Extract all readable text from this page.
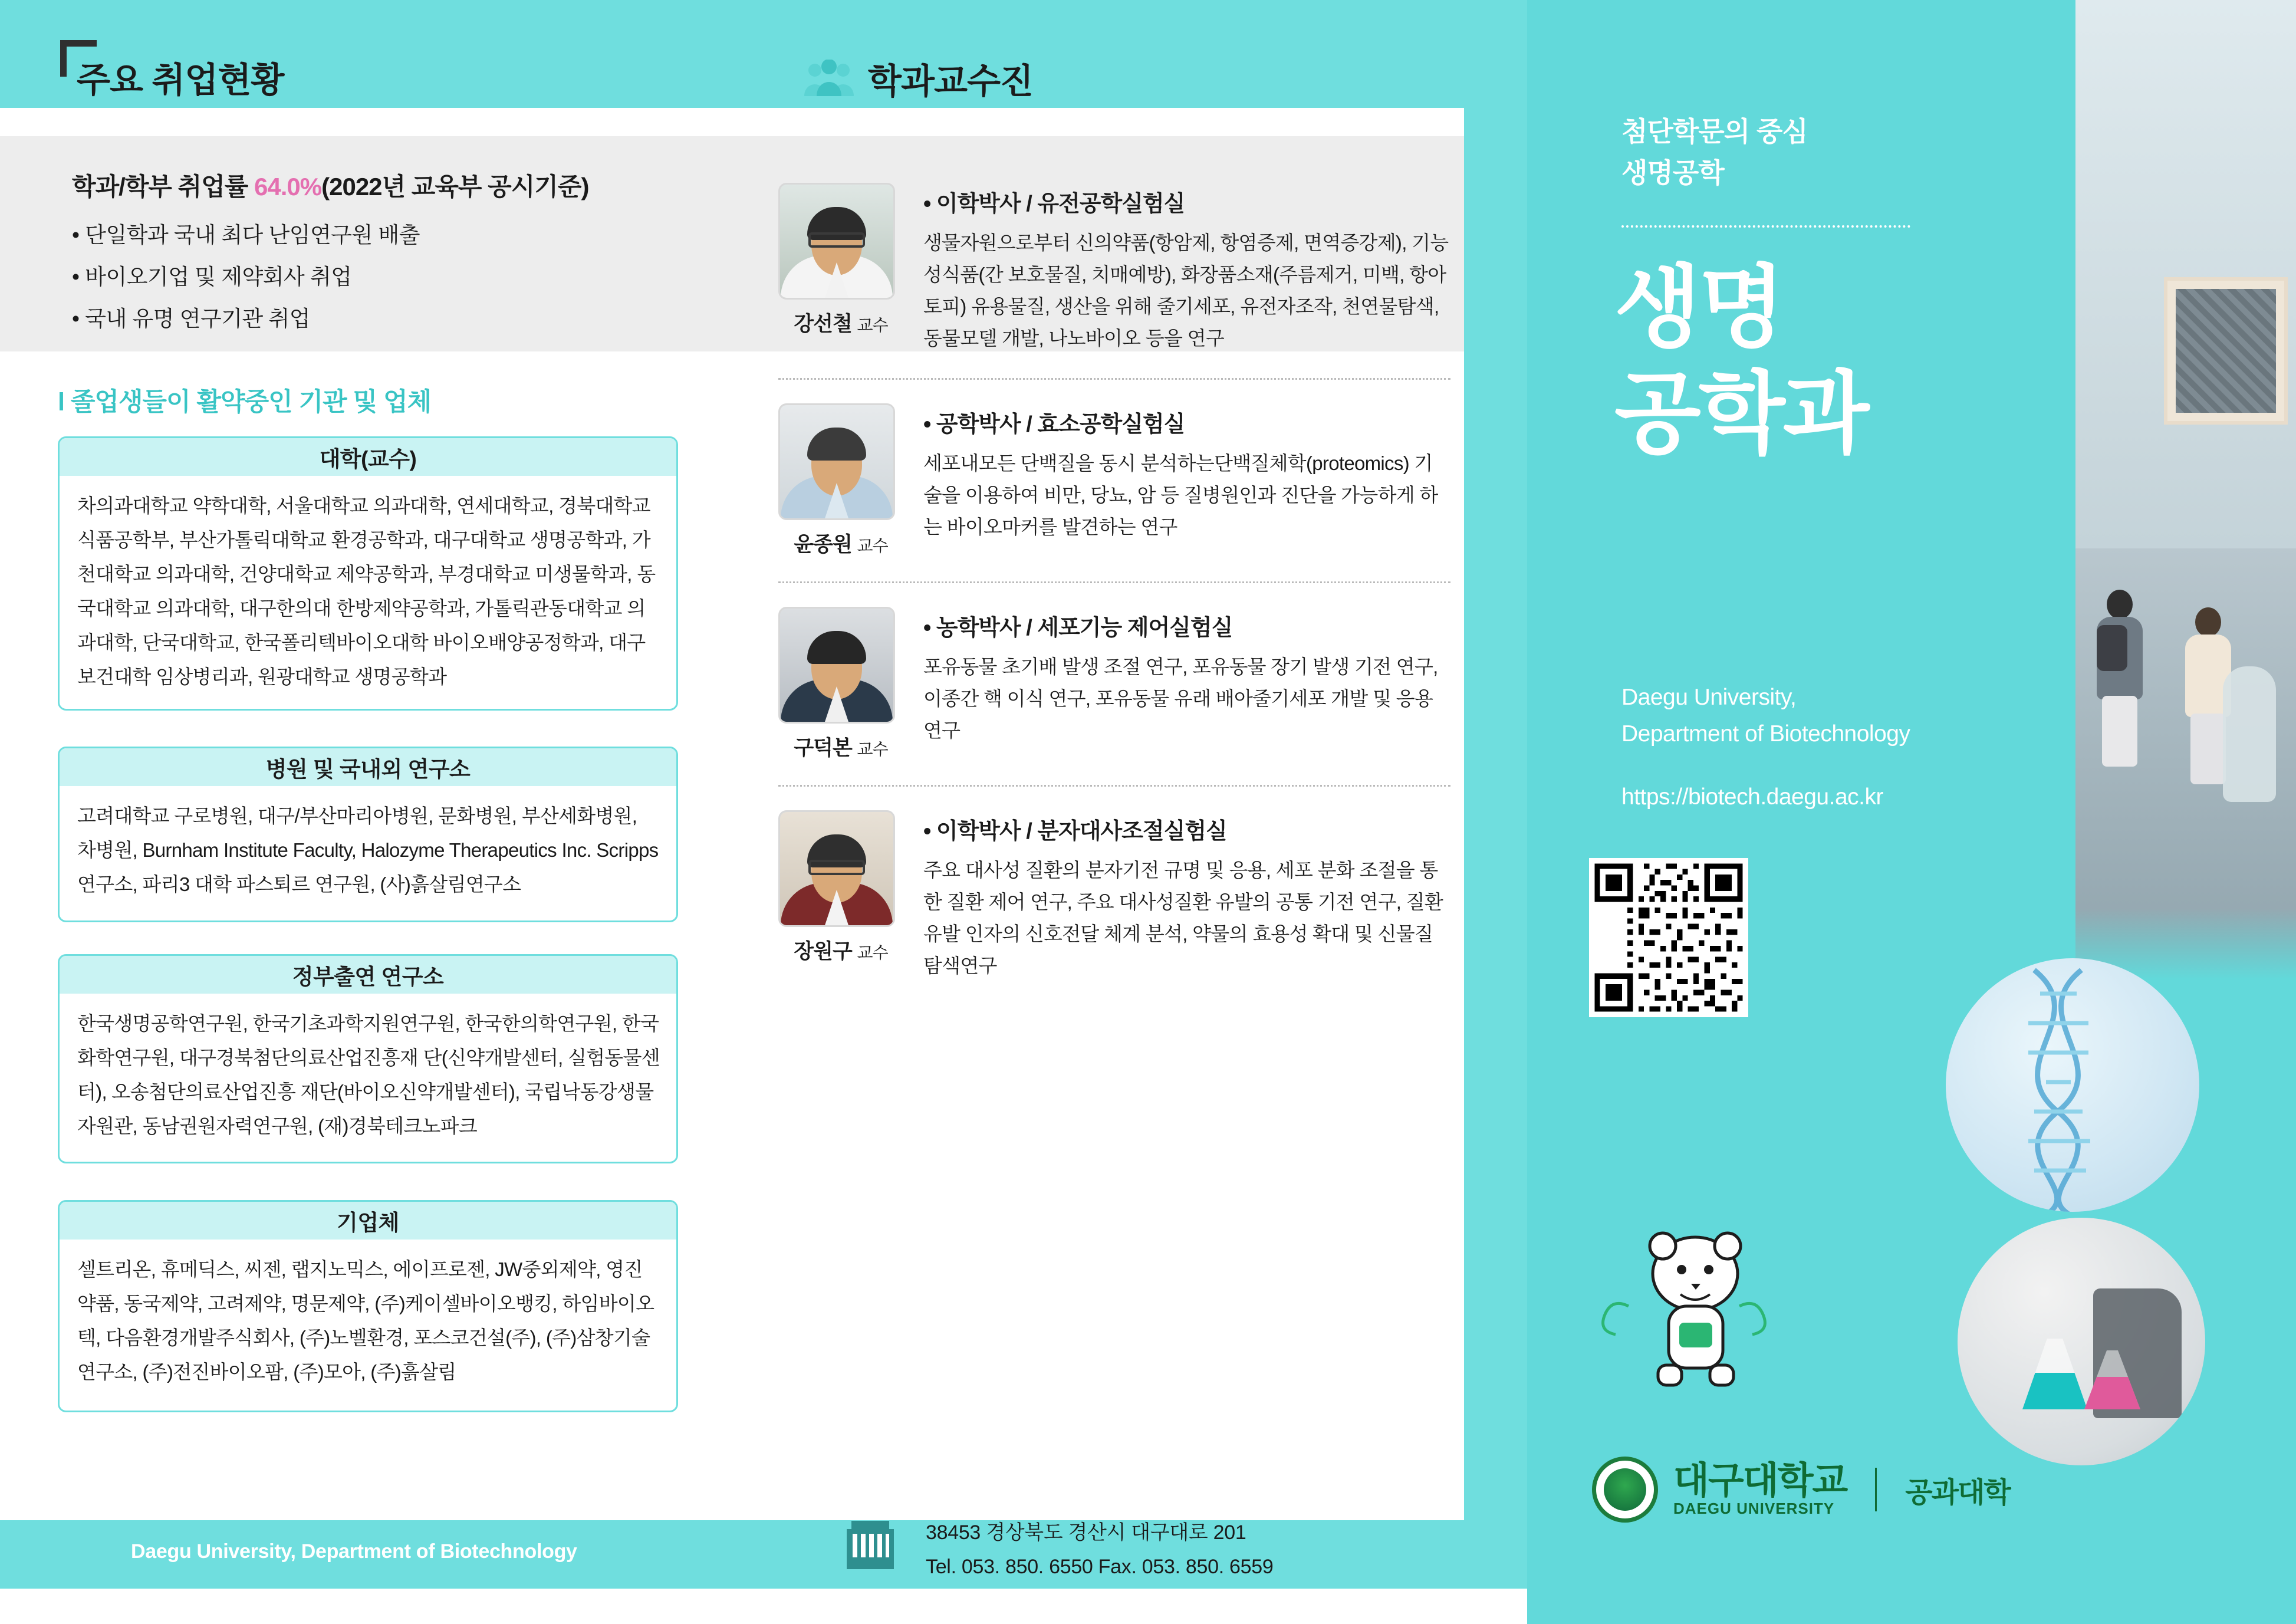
주요 취업현황	학과교수진
학과/학부 취업률 64.0%(2022년 교육부 공시기준)
• 단일학과 국내 최다 난임연구원 배출
• 바이오기업 및 제약회사 취업
• 국내 유명 연구기관 취업
l 졸업생들이 활약중인 기관 및 업체
대학(교수)
차의과대학교 약학대학, 서울대학교 의과대학, 연세대학교, 경북대학교 식품공학부, 부산가톨릭대학교 환경공학과, 대구대학교 생명공학과, 가천대학교 의과대학, 건양대학교 제약공학과, 부경대학교 미생물학과, 동국대학교 의과대학, 대구한의대 한방제약공학과, 가톨릭관동대학교 의과대학, 단국대학교, 한국폴리텍바이오대학 바이오배양공정학과, 대구보건대학 임상병리과, 원광대학교 생명공학과
병원 및 국내외 연구소
고려대학교 구로병원, 대구/부산마리아병원, 문화병원, 부산세화병원, 차병원, Burnham Institute Faculty, Halozyme Therapeutics Inc. Scripps 연구소, 파리3 대학 파스퇴르 연구원, (사)흙살림연구소
정부출연 연구소
한국생명공학연구원, 한국기초과학지원연구원, 한국한의학연구원, 한국화학연구원, 대구경북첨단의료산업진흥재 단(신약개발센터, 실험동물센터), 오송첨단의료산업진흥 재단(바이오신약개발센터), 국립낙동강생물자원관, 동남권원자력연구원, (재)경북테크노파크
기업체
셀트리온, 휴메딕스, 씨젠, 랩지노믹스, 에이프로젠, JW중외제약, 영진약품, 동국제약, 고려제약, 명문제약, (주)케이셀바이오뱅킹, 하임바이오텍, 다음환경개발주식회사, (주)노벨환경, 포스코건설(주), (주)삼창기술연구소, (주)전진바이오팜, (주)모아, (주)흙살림
강선철 교수
• 이학박사 / 유전공학실험실
생물자원으로부터 신의약품(항암제, 항염증제, 면역증강제), 기능성식품(간 보호물질, 치매예방), 화장품소재(주름제거, 미백, 항아토피) 유용물질, 생산을 위해 줄기세포, 유전자조작, 천연물탐색, 동물모델 개발, 나노바이오 등을 연구
윤종원 교수
• 공학박사 / 효소공학실험실
세포내모든 단백질을 동시 분석하는단백질체학(proteomics) 기술을 이용하여 비만, 당뇨, 암 등 질병원인과 진단을 가능하게 하는 바이오마커를 발견하는 연구
구덕본 교수
• 농학박사 / 세포기능 제어실험실
포유동물 초기배 발생 조절 연구, 포유동물 장기 발생 기전 연구, 이종간 핵 이식 연구, 포유동물 유래 배아줄기세포 개발 및 응용 연구
장원구 교수
• 이학박사 / 분자대사조절실험실
주요 대사성 질환의 분자기전 규명 및 응용, 세포 분화 조절을 통한 질환 제어 연구, 주요 대사성질환 유발의 공통 기전 연구, 질환 유발 인자의 신호전달 체계 분석, 약물의 효용성 확대 및 신물질 탐색연구
Daegu University, Department of Biotechnology
38453 경상북도 경산시 대구대로 201
Tel. 053. 850. 6550 Fax. 053. 850. 6559
첨단학문의 중심
생명공학
생명
공학과
Daegu University,
Department of Biotechnology
https://biotech.daegu.ac.kr
대구대학교
DAEGU UNIVERSITY	공과대학
